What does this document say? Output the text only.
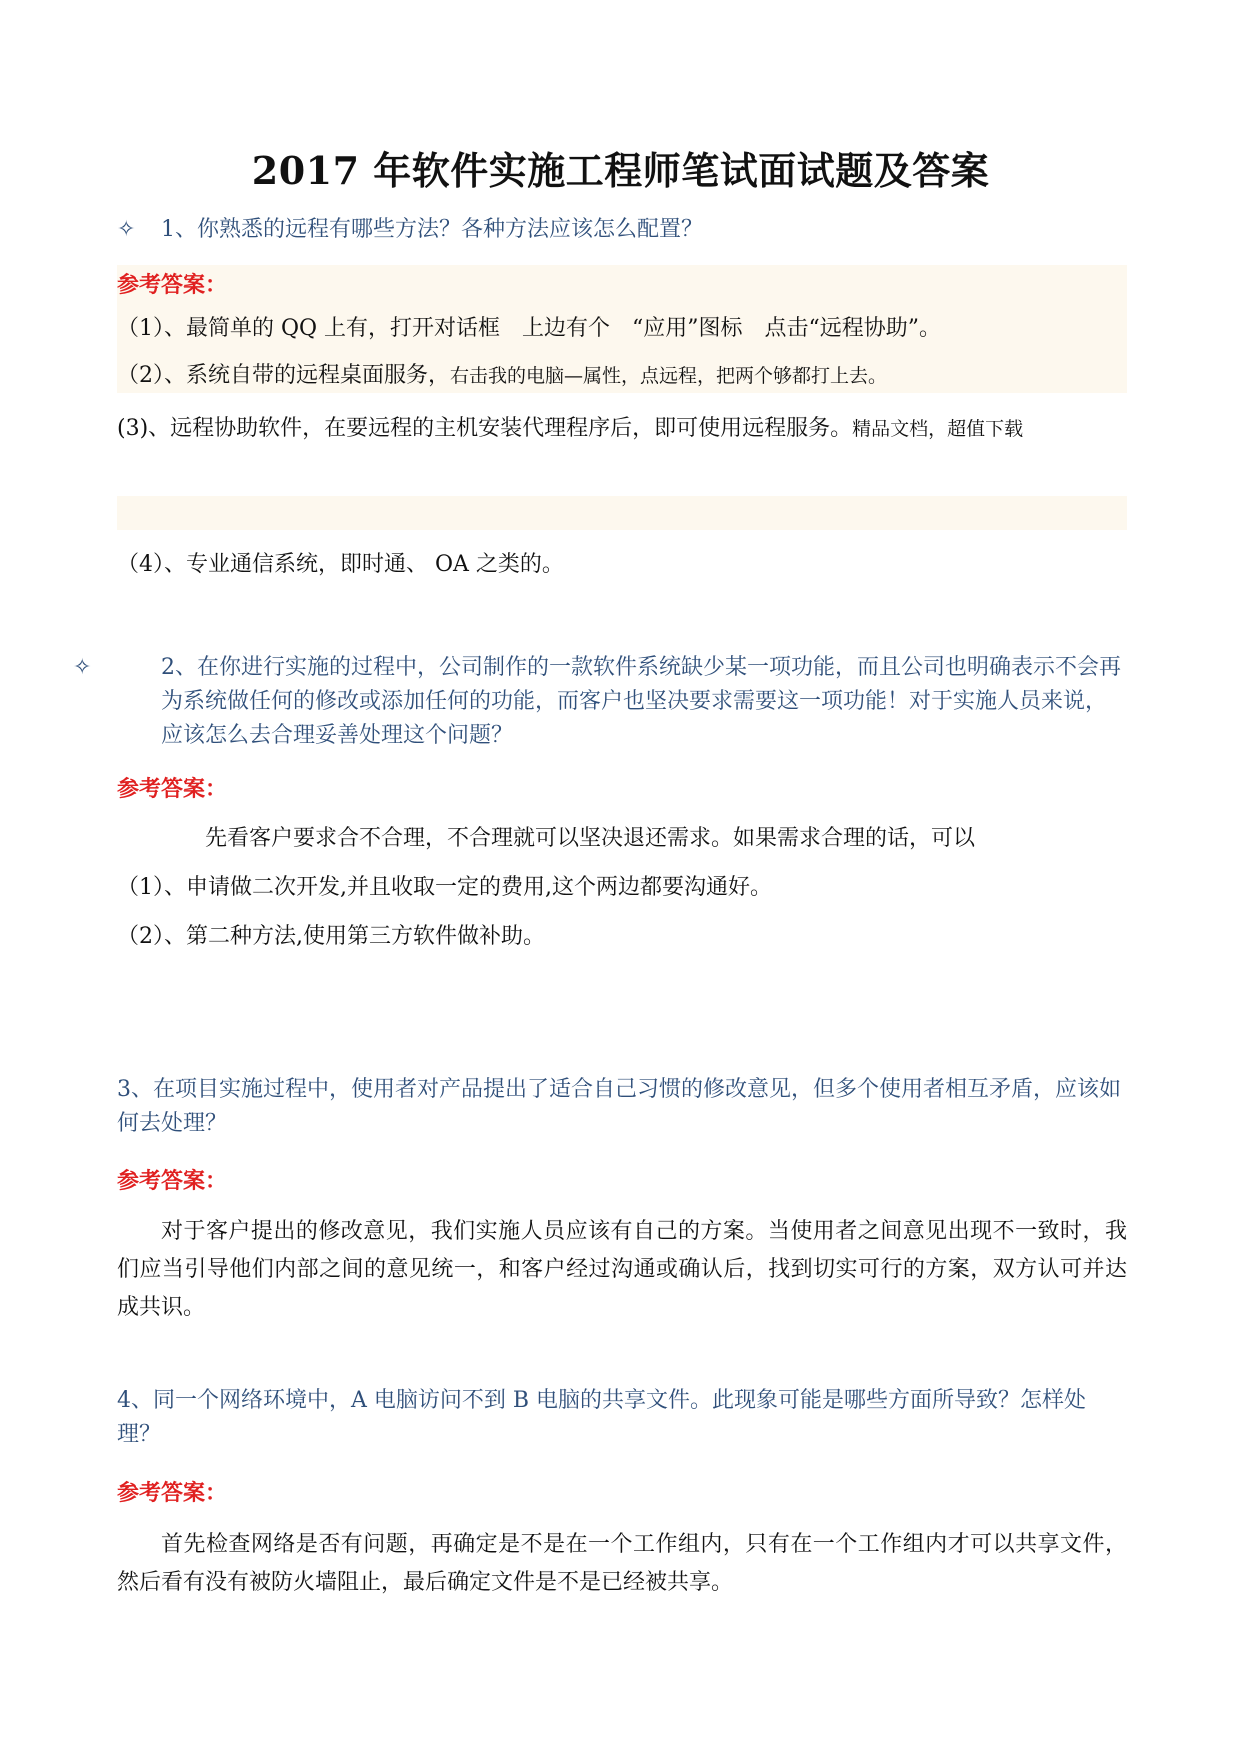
2017 年软件实施工程师笔试面试题及答案
✧ 1、你熟悉的远程有哪些方法？各种方法应该怎么配置？
参考答案：
（1）、最简单的 QQ 上有，打开对话框　上边有个　“应用”图标　点击“远程协助”。
（2）、系统自带的远程桌面服务，右击我的电脑—属性，点远程，把两个够都打上去。
(3)、远程协助软件，在要远程的主机安装代理程序后，即可使用远程服务。精品文档，超值下载
（4）、专业通信系统，即时通、 OA 之类的。
✧	2、在你进行实施的过程中，公司制作的一款软件系统缺少某一项功能，而且公司也明确表示不会再为系统做任何的修改或添加任何的功能，而客户也坚决要求需要这一项功能！对于实施人员来说，应该怎么去合理妥善处理这个问题？
参考答案：
先看客户要求合不合理，不合理就可以坚决退还需求。如果需求合理的话，可以
（1）、申请做二次开发,并且收取一定的费用,这个两边都要沟通好。
（2）、第二种方法,使用第三方软件做补助。
3、在项目实施过程中，使用者对产品提出了适合自己习惯的修改意见，但多个使用者相互矛盾，应该如何去处理？
参考答案：
对于客户提出的修改意见，我们实施人员应该有自己的方案。当使用者之间意见出现不一致时，我们应当引导他们内部之间的意见统一，和客户经过沟通或确认后，找到切实可行的方案，双方认可并达成共识。
4、同一个网络环境中，A 电脑访问不到 B 电脑的共享文件。此现象可能是哪些方面所导致？怎样处理？
参考答案：
首先检查网络是否有问题，再确定是不是在一个工作组内，只有在一个工作组内才可以共享文件，然后看有没有被防火墙阻止，最后确定文件是不是已经被共享。
